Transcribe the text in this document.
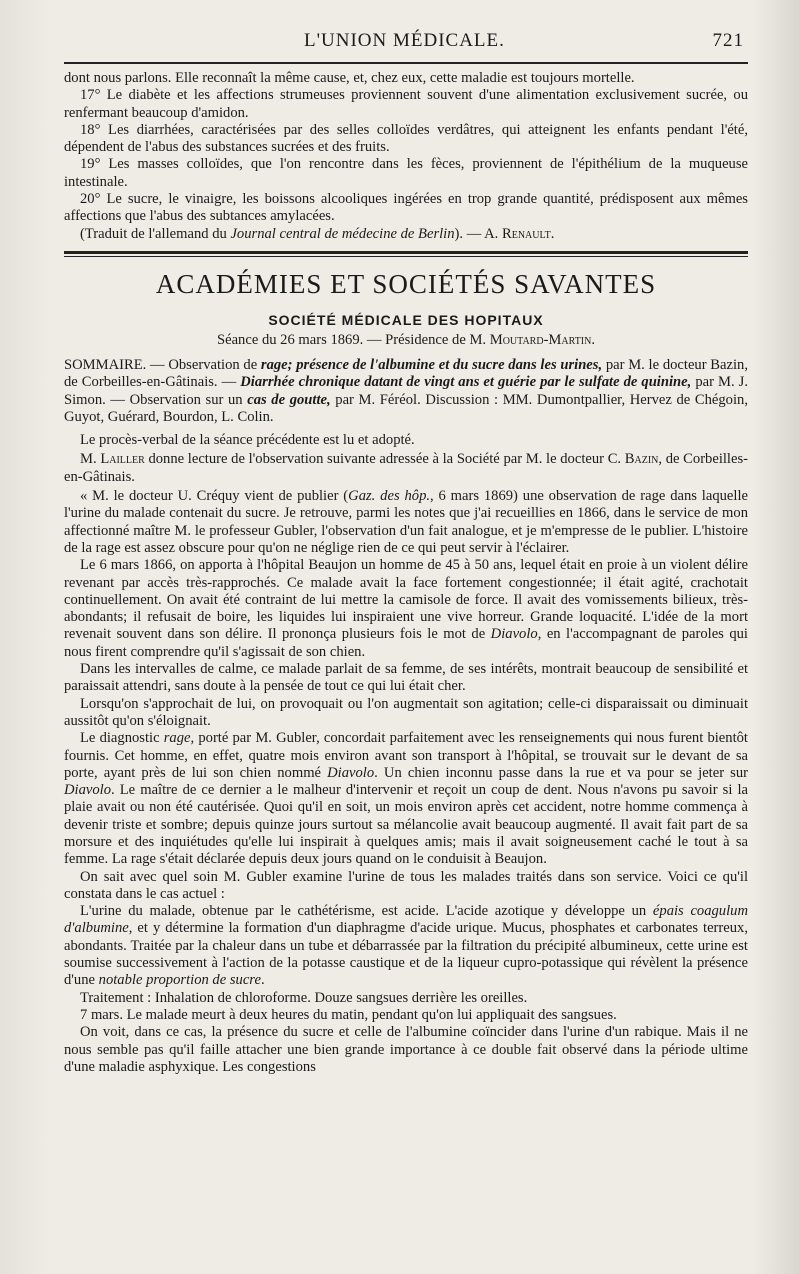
L'UNION MÉDICALE.	721

dont nous parlons. Elle reconnaît la même cause, et, chez eux, cette maladie est toujours mortelle.

17° Le diabète et les affections strumeuses proviennent souvent d'une alimentation exclusivement sucrée, ou renfermant beaucoup d'amidon.

18° Les diarrhées, caractérisées par des selles colloïdes verdâtres, qui atteignent les enfants pendant l'été, dépendent de l'abus des substances sucrées et des fruits.

19° Les masses colloïdes, que l'on rencontre dans les fèces, proviennent de l'épithélium de la muqueuse intestinale.

20° Le sucre, le vinaigre, les boissons alcooliques ingérées en trop grande quantité, prédisposent aux mêmes affections que l'abus des subtances amylacées.

(Traduit de l'allemand du Journal central de médecine de Berlin). — A. Renault.

ACADÉMIES ET SOCIÉTÉS SAVANTES
SOCIÉTÉ MÉDICALE DES HOPITAUX
Séance du 26 mars 1869. — Présidence de M. Moutard-Martin.

SOMMAIRE. — Observation de rage; présence de l'albumine et du sucre dans les urines, par M. le docteur Bazin, de Corbeilles-en-Gâtinais. — Diarrhée chronique datant de vingt ans et guérie par le sulfate de quinine, par M. J. Simon. — Observation sur un cas de goutte, par M. Féréol. Discussion : MM. Dumontpallier, Hervez de Chégoin, Guyot, Guérard, Bourdon, L. Colin.

Le procès-verbal de la séance précédente est lu et adopté.

M. Lailler donne lecture de l'observation suivante adressée à la Société par M. le docteur C. Bazin, de Corbeilles-en-Gâtinais.

« M. le docteur U. Créquy vient de publier (Gaz. des hôp., 6 mars 1869) une observation de rage dans laquelle l'urine du malade contenait du sucre. Je retrouve, parmi les notes que j'ai recueillies en 1866, dans le service de mon affectionné maître M. le professeur Gubler, l'observation d'un fait analogue, et je m'empresse de le publier. L'histoire de la rage est assez obscure pour qu'on ne néglige rien de ce qui peut servir à l'éclairer.

Le 6 mars 1866, on apporta à l'hôpital Beaujon un homme de 45 à 50 ans, lequel était en proie à un violent délire revenant par accès très-rapprochés. Ce malade avait la face fortement congestionnée; il était agité, crachotait continuellement. On avait été contraint de lui mettre la camisole de force. Il avait des vomissements bilieux, très-abondants; il refusait de boire, les liquides lui inspiraient une vive horreur. Grande loquacité. L'idée de la mort revenait souvent dans son délire. Il prononça plusieurs fois le mot de Diavolo, en l'accompagnant de paroles qui nous firent comprendre qu'il s'agissait de son chien.

Dans les intervalles de calme, ce malade parlait de sa femme, de ses intérêts, montrait beaucoup de sensibilité et paraissait attendri, sans doute à la pensée de tout ce qui lui était cher.

Lorsqu'on s'approchait de lui, on provoquait ou l'on augmentait son agitation; celle-ci disparaissait ou diminuait aussitôt qu'on s'éloignait.

Le diagnostic rage, porté par M. Gubler, concordait parfaitement avec les renseignements qui nous furent bientôt fournis. Cet homme, en effet, quatre mois environ avant son transport à l'hôpital, se trouvait sur le devant de sa porte, ayant près de lui son chien nommé Diavolo. Un chien inconnu passe dans la rue et va pour se jeter sur Diavolo. Le maître de ce dernier a le malheur d'intervenir et reçoit un coup de dent. Nous n'avons pu savoir si la plaie avait ou non été cautérisée. Quoi qu'il en soit, un mois environ après cet accident, notre homme commença à devenir triste et sombre; depuis quinze jours surtout sa mélancolie avait beaucoup augmenté. Il avait fait part de sa morsure et des inquiétudes qu'elle lui inspirait à quelques amis; mais il avait soigneusement caché le tout à sa femme. La rage s'était déclarée depuis deux jours quand on le conduisit à Beaujon.

On sait avec quel soin M. Gubler examine l'urine de tous les malades traités dans son service. Voici ce qu'il constata dans le cas actuel :

L'urine du malade, obtenue par le cathétérisme, est acide. L'acide azotique y développe un épais coagulum d'albumine, et y détermine la formation d'un diaphragme d'acide urique. Mucus, phosphates et carbonates terreux, abondants. Traitée par la chaleur dans un tube et débarrassée par la filtration du précipité albumineux, cette urine est soumise successivement à l'action de la potasse caustique et de la liqueur cupro-potassique qui révèlent la présence d'une notable proportion de sucre.

Traitement : Inhalation de chloroforme. Douze sangsues derrière les oreilles.

7 mars. Le malade meurt à deux heures du matin, pendant qu'on lui appliquait des sangsues.

On voit, dans ce cas, la présence du sucre et celle de l'albumine coïncider dans l'urine d'un rabique. Mais il ne nous semble pas qu'il faille attacher une bien grande importance à ce double fait observé dans la période ultime d'une maladie asphyxique. Les congestions
